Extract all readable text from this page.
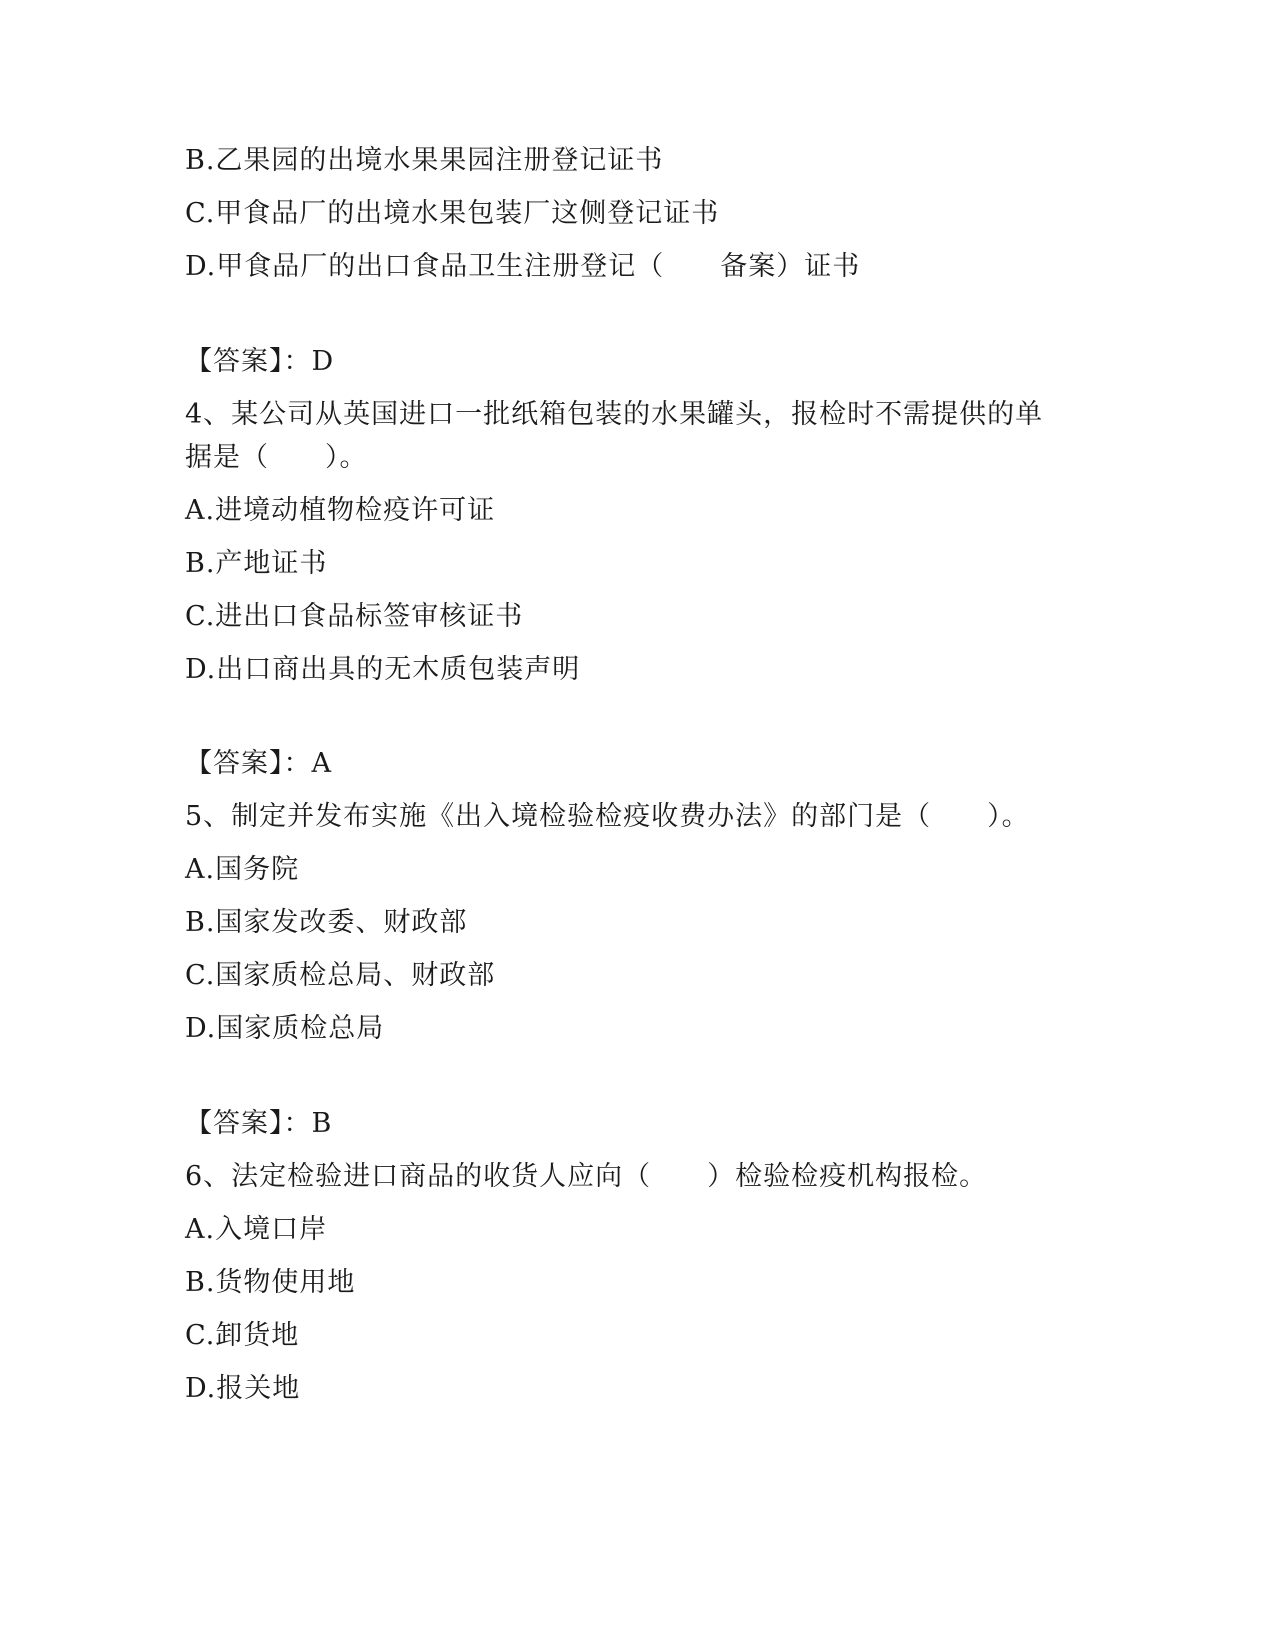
B.乙果园的出境水果果园注册登记证书
C.甲食品厂的出境水果包装厂这侧登记证书
D.甲食品厂的出口食品卫生注册登记（　　备案）证书
【答案】：D
4、某公司从英国进口一批纸箱包装的水果罐头，报检时不需提供的单
据是（　　）。
A.进境动植物检疫许可证
B.产地证书
C.进出口食品标签审核证书
D.出口商出具的无木质包装声明
【答案】：A
5、制定并发布实施《出入境检验检疫收费办法》的部门是（　　）。
A.国务院
B.国家发改委、财政部
C.国家质检总局、财政部
D.国家质检总局
【答案】：B
6、法定检验进口商品的收货人应向（　　）检验检疫机构报检。
A.入境口岸
B.货物使用地
C.卸货地
D.报关地
